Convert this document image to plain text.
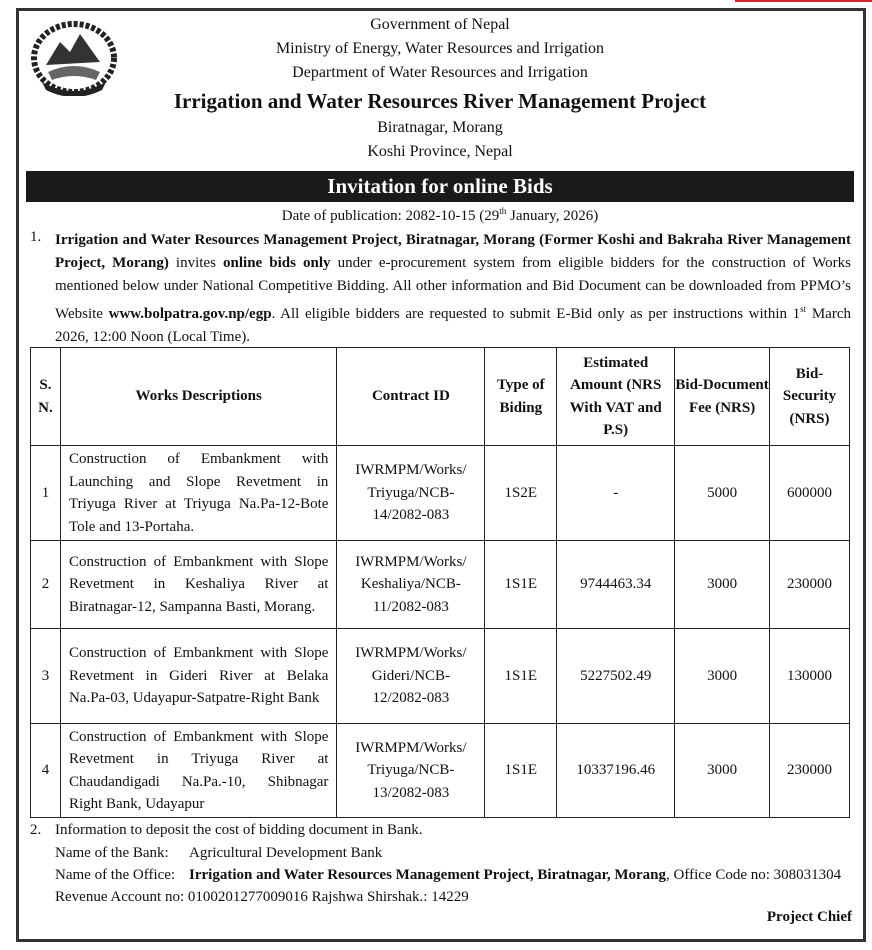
Government of Nepal
Ministry of Energy, Water Resources and Irrigation
Department of Water Resources and Irrigation
Irrigation and Water Resources River Management Project
Biratnagar, Morang
Koshi Province, Nepal
Invitation for online Bids
Date of publication: 2082-10-15 (29th January, 2026)
1. Irrigation and Water Resources Management Project, Biratnagar, Morang (Former Koshi and Bakraha River Management Project, Morang) invites online bids only under e-procurement system from eligible bidders for the construction of Works mentioned below under National Competitive Bidding. All other information and Bid Document can be downloaded from PPMO’s Website www.bolpatra.gov.np/egp. All eligible bidders are requested to submit E-Bid only as per instructions within 1st March 2026, 12:00 Noon (Local Time).
S. N.	Works Descriptions	Contract ID	Type of Biding	Estimated Amount (NRS With VAT and P.S)	Bid-Document Fee (NRS)	Bid-Security (NRS)
1	Construction of Embankment with Launching and Slope Revetment in Triyuga River at Triyuga Na.Pa-12-Bote Tole and 13-Portaha.	IWRMPM/Works/ Triyuga/NCB-14/2082-083	1S2E	-	5000	600000
2	Construction of Embankment with Slope Revetment in Keshaliya River at Biratnagar-12, Sampanna Basti, Morang.	IWRMPM/Works/ Keshaliya/NCB-11/2082-083	1S1E	9744463.34	3000	230000
3	Construction of Embankment with Slope Revetment in Gideri River at Belaka Na.Pa-03, Udayapur-Satpatre-Right Bank	IWRMPM/Works/ Gideri/NCB-12/2082-083	1S1E	5227502.49	3000	130000
4	Construction of Embankment with Slope Revetment in Triyuga River at Chaudandigadi Na.Pa.-10, Shibnagar Right Bank, Udayapur	IWRMPM/Works/ Triyuga/NCB-13/2082-083	1S1E	10337196.46	3000	230000
2. Information to deposit the cost of bidding document in Bank.
Name of the Bank: Agricultural Development Bank
Name of the Office: Irrigation and Water Resources Management Project, Biratnagar, Morang, Office Code no: 308031304
Revenue Account no: 0100201277009016 Rajshwa Shirshak.: 14229
Project Chief
